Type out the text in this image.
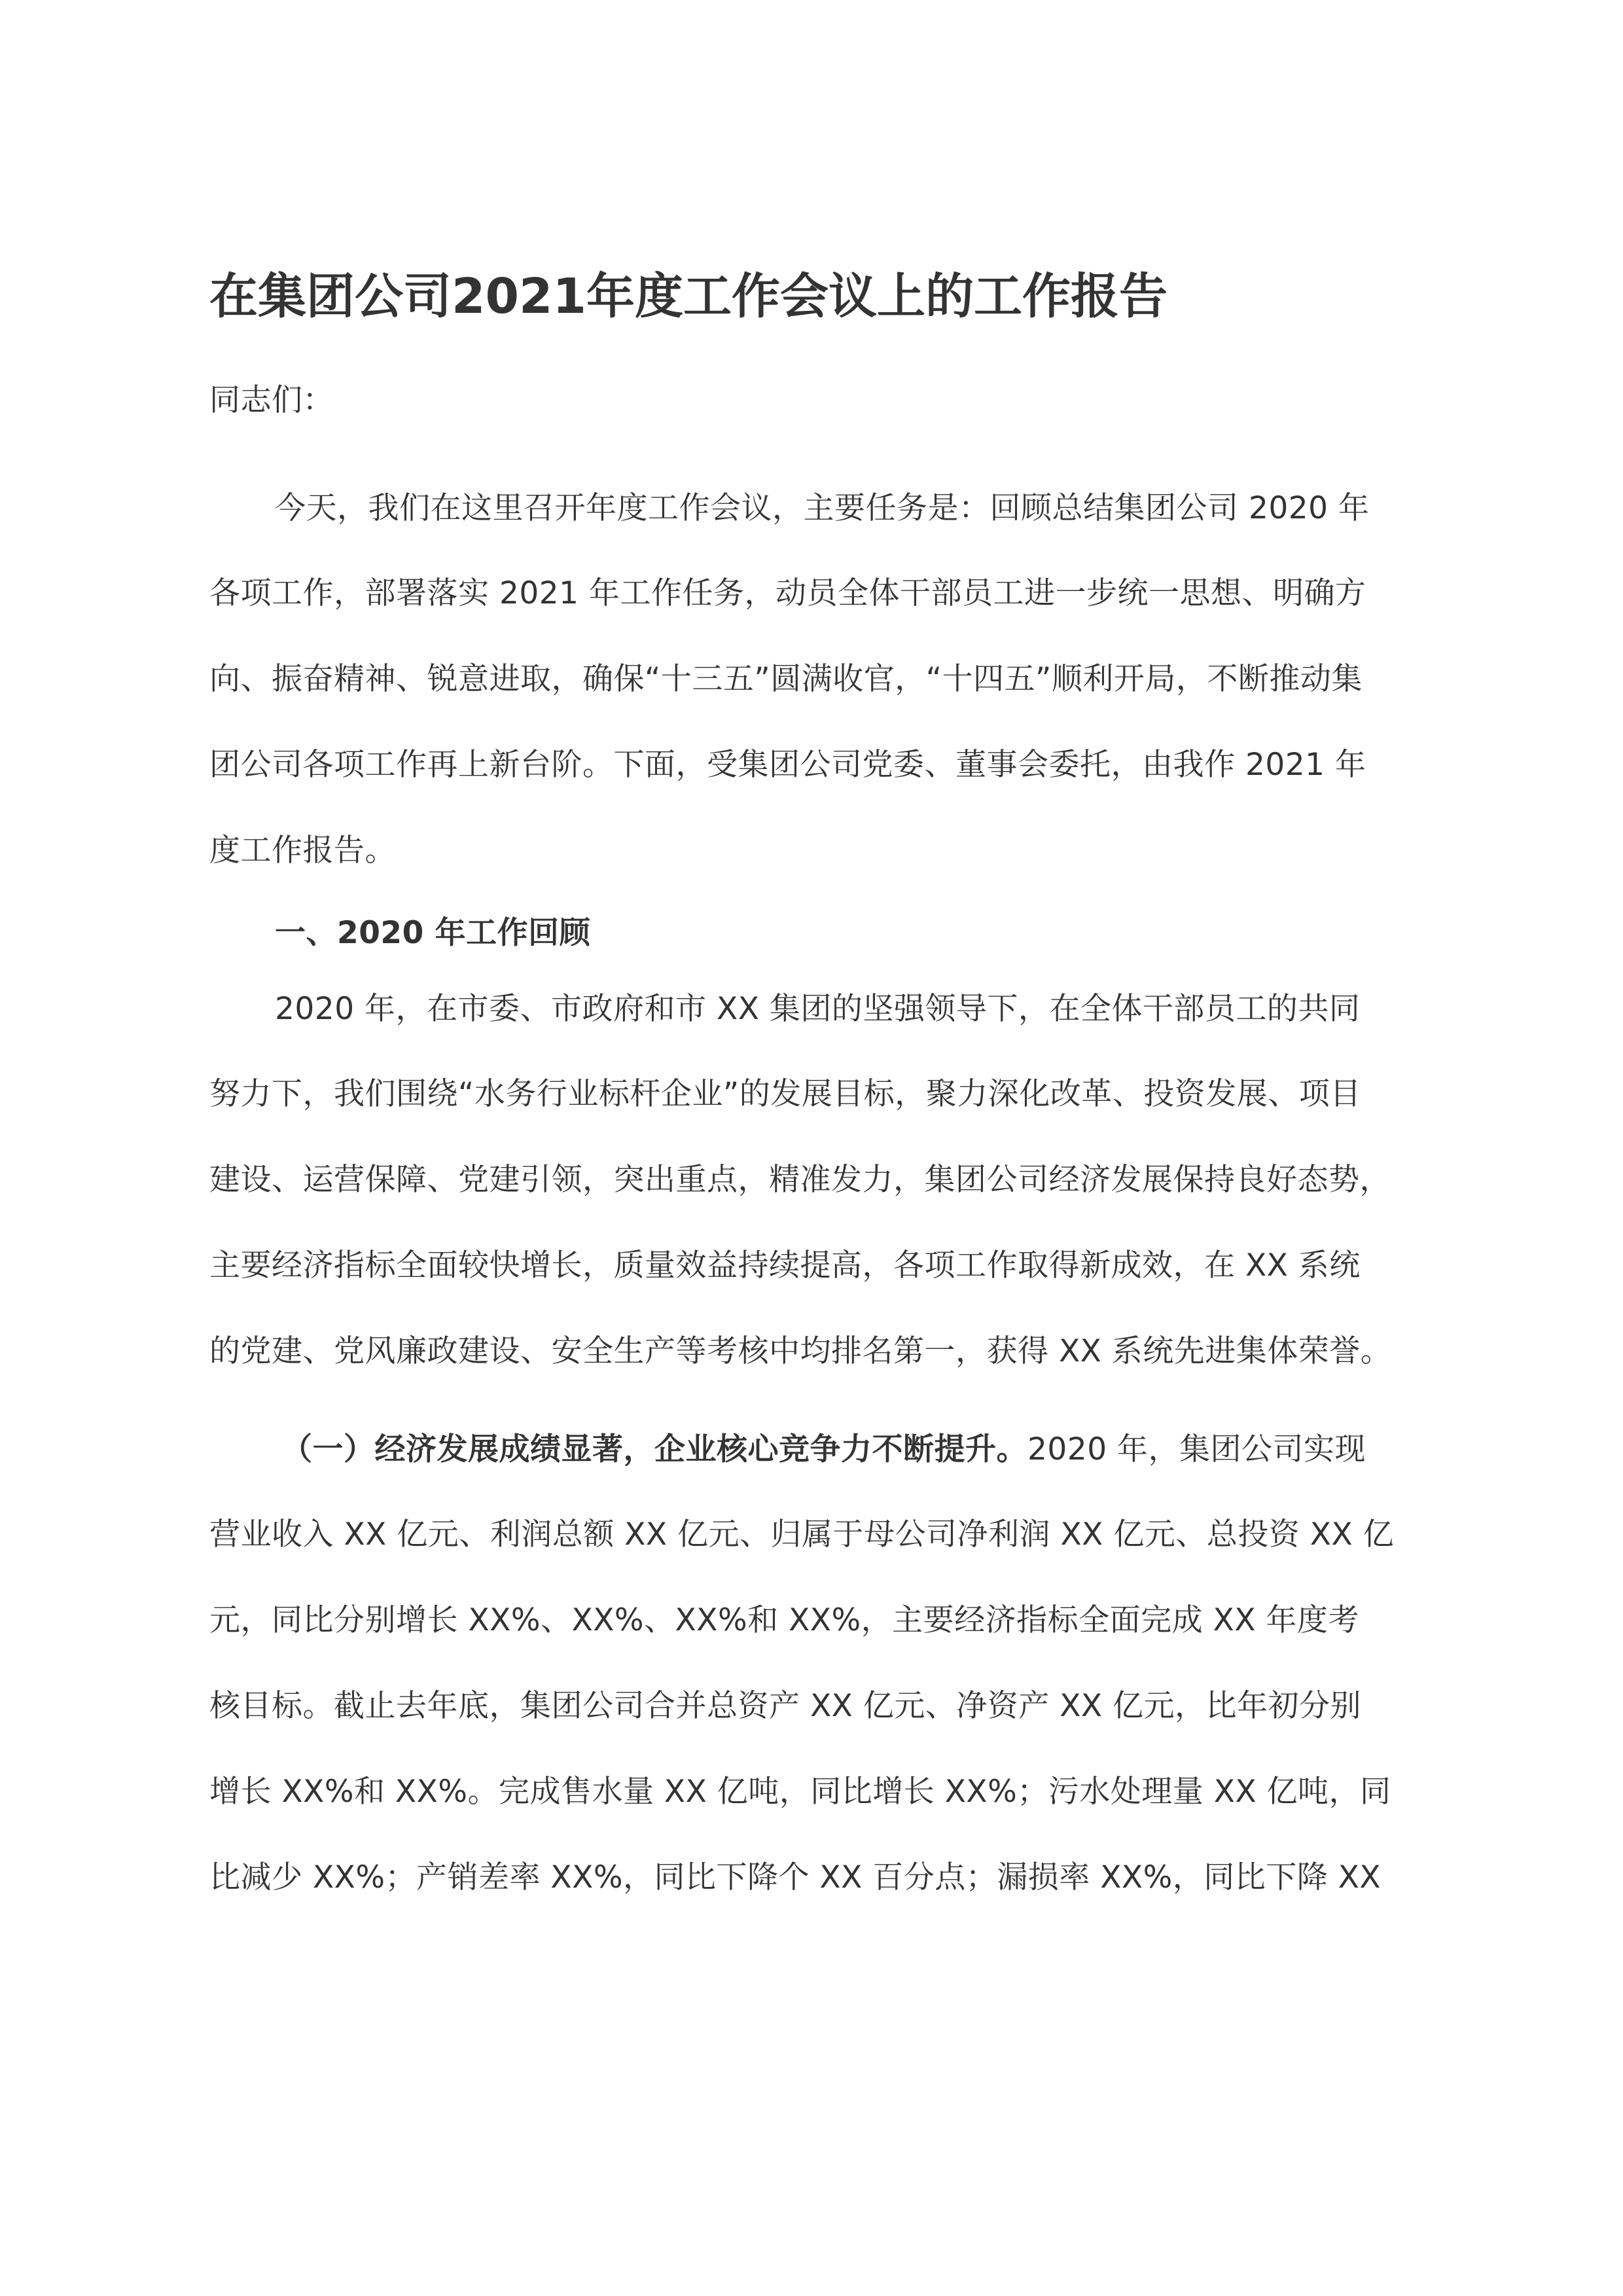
在集团公司2021年度工作会议上的工作报告

同志们：

今天，我们在这里召开年度工作会议，主要任务是：回顾总结集团公司 2020 年

各项工作，部署落实 2021 年工作任务，动员全体干部员工进一步统一思想、明确方

向、振奋精神、锐意进取，确保“十三五”圆满收官，“十四五”顺利开局，不断推动集

团公司各项工作再上新台阶。下面，受集团公司党委、董事会委托，由我作 2021 年

度工作报告。

一、2020 年工作回顾

2020 年，在市委、市政府和市 XX 集团的坚强领导下，在全体干部员工的共同

努力下，我们围绕“水务行业标杆企业”的发展目标，聚力深化改革、投资发展、项目

建设、运营保障、党建引领，突出重点，精准发力，集团公司经济发展保持良好态势，

主要经济指标全面较快增长，质量效益持续提高，各项工作取得新成效，在 XX 系统

的党建、党风廉政建设、安全生产等考核中均排名第一，获得 XX 系统先进集体荣誉。

（一）经济发展成绩显著，企业核心竞争力不断提升。2020 年，集团公司实现

营业收入 XX 亿元、利润总额 XX 亿元、归属于母公司净利润 XX 亿元、总投资 XX 亿

元，同比分别增长 XX%、XX%、XX%和 XX%，主要经济指标全面完成 XX 年度考

核目标。截止去年底，集团公司合并总资产 XX 亿元、净资产 XX 亿元，比年初分别

增长 XX%和 XX%。完成售水量 XX 亿吨，同比增长 XX%；污水处理量 XX 亿吨，同

比减少 XX%；产销差率 XX%，同比下降个 XX 百分点；漏损率 XX%，同比下降 XX
